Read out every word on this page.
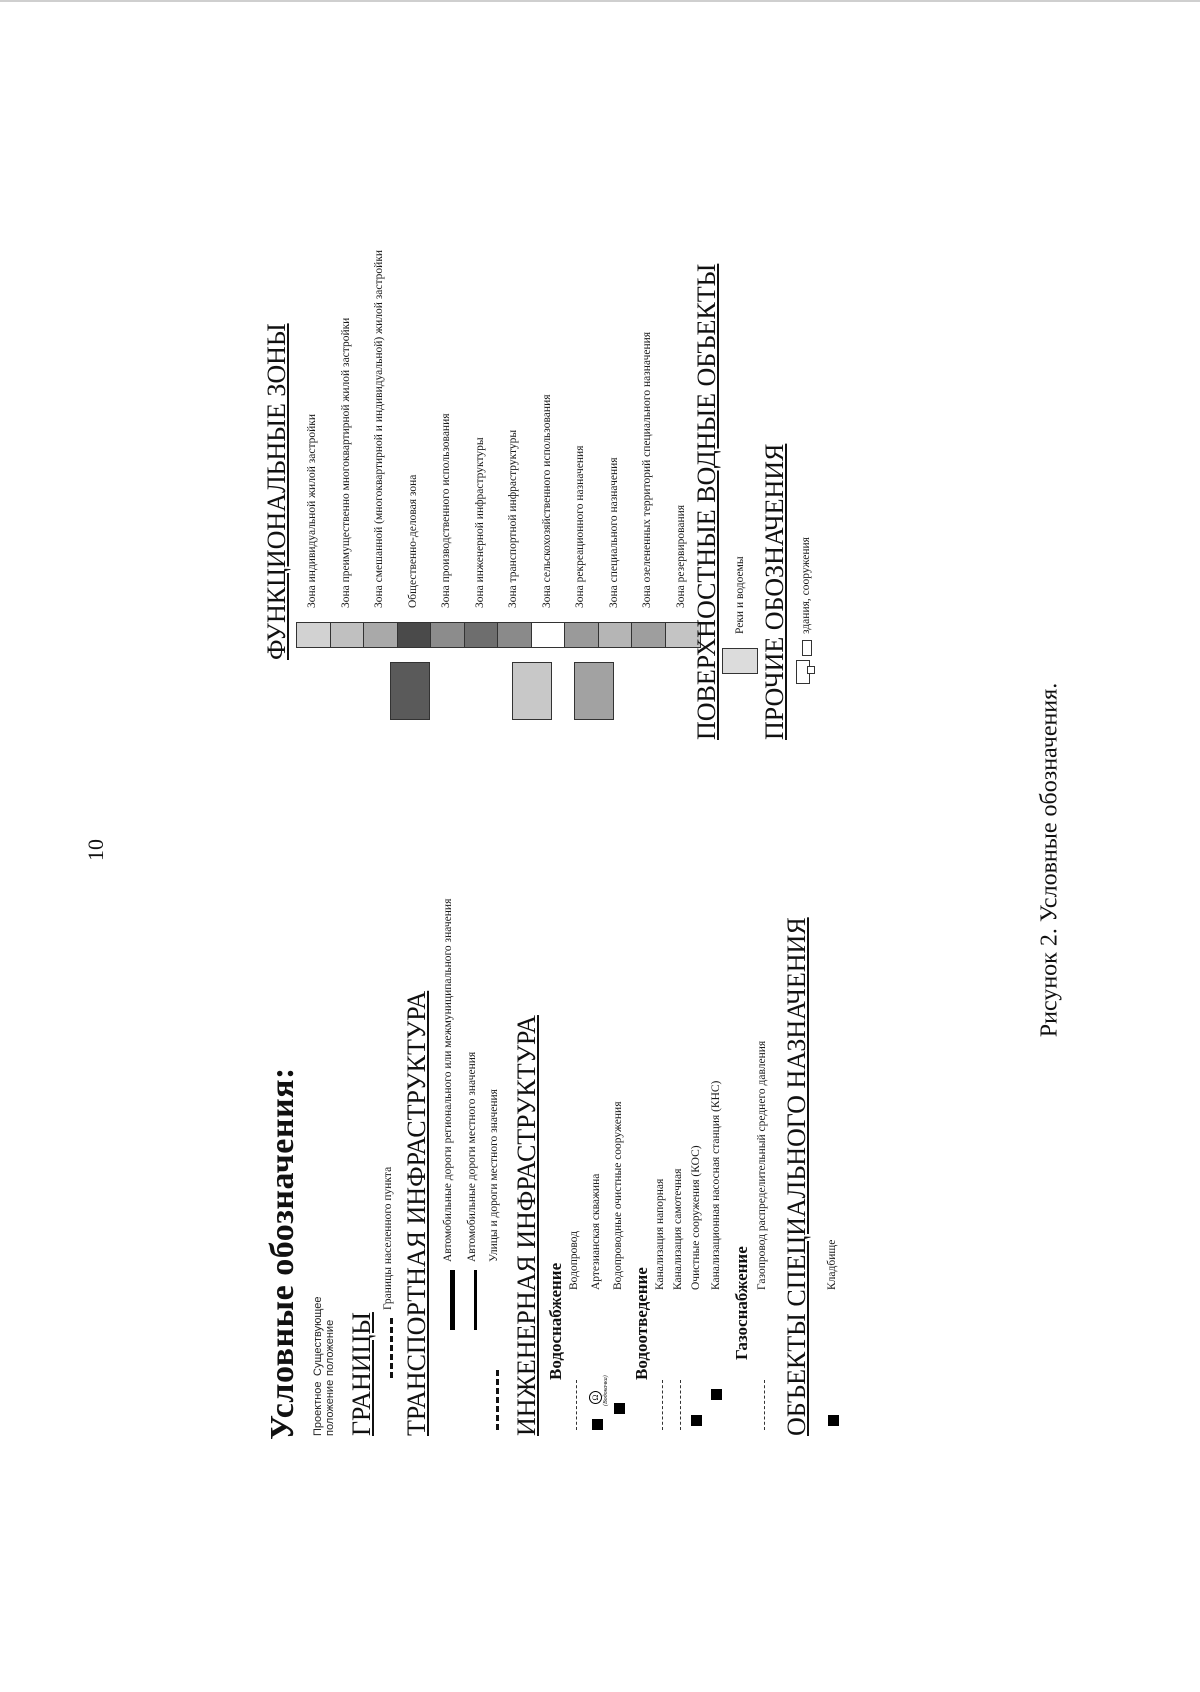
10
Условные обозначения: Проектное положение
Существующее положение ГРАНИЦЫ
Границы населенного пункта ТРАНСПОРТНАЯ ИНФРАСТРУКТУРА Автомобильные дороги регионального или межмуниципального значения Автомобильные дороги местного значения Улицы и дороги местного значения ИНЖЕНЕРНАЯ ИНФРАСТРУКТУРА Водоснабжение
Водопровод
Ω (Водокачка)
Артезианская скважина Водопроводные очистные сооружения
Водоотведение
Канализация напорная Канализация самотечная Очистные сооружения (КОС) Канализационная насосная станция (КНС)
Газоснабжение
Газопровод распределительный среднего давления ОБЪЕКТЫ СПЕЦИАЛЬНОГО НАЗНАЧЕНИЯ Кладбище
ФУНКЦИОНАЛЬНЫЕ ЗОНЫ Зона индивидуальной жилой застройки Зона преимущественно многоквартирной жилой застройки Зона смешанной (многоквартирной и индивидуальной) жилой застройки Общественно-деловая зона Зона производственного использования Зона инженерной инфраструктуры Зона транспортной инфраструктуры Зона сельскохозяйственного использования Зона рекреационного назначения Зона специального назначения Зона озелененных территорий специального назначения Зона резервирования ПОВЕРХНОСТНЫЕ ВОДНЫЕ ОБЪЕКТЫ Реки и водоемы ПРОЧИЕ ОБОЗНАЧЕНИЯ здания, сооружения
Рисунок 2. Условные обозначения.
